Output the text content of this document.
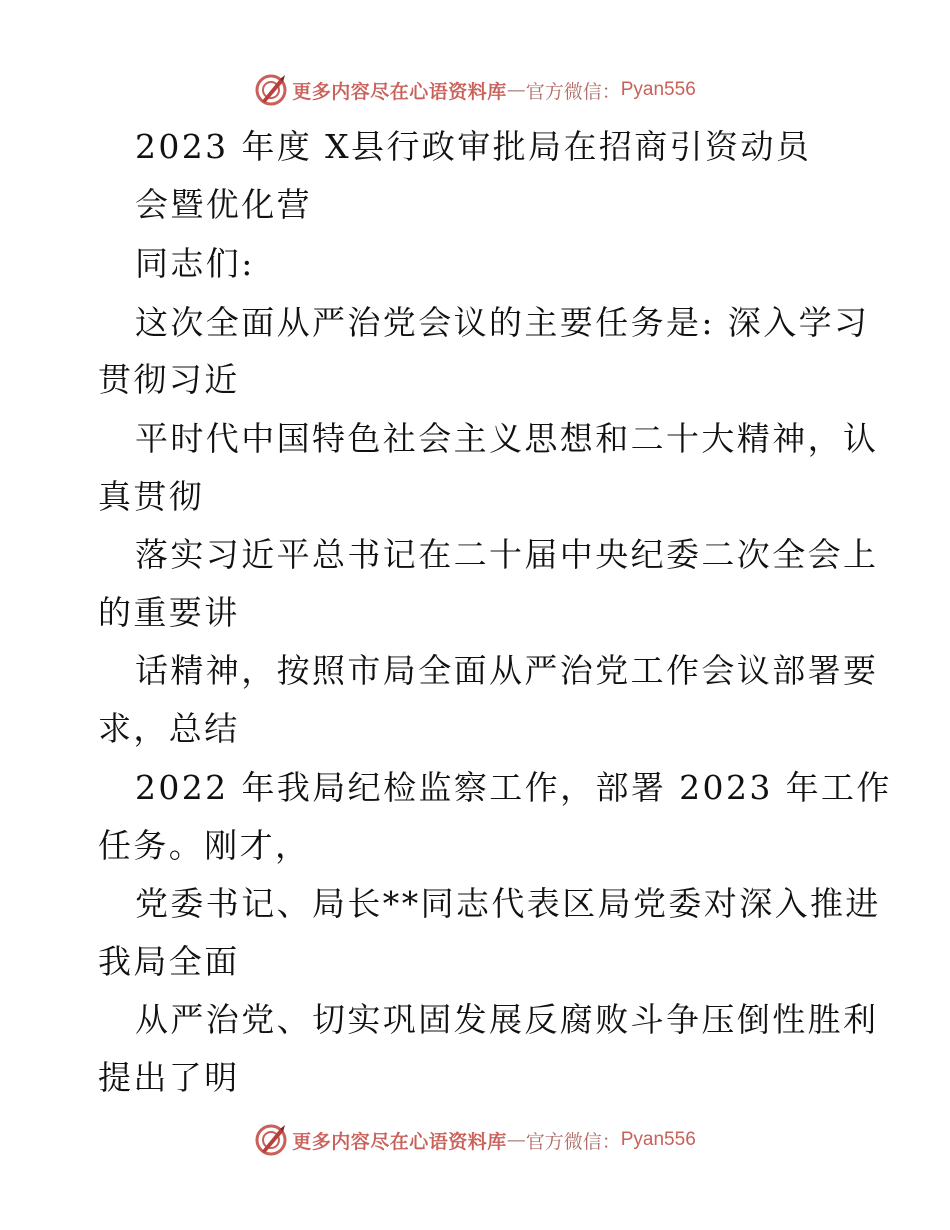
更多内容尽在心语资料库 — 官方微信： Pyan556
2023 年度 X县行政审批局在招商引资动员
会暨优化营
同志们:
这次全面从严治党会议的主要任务是: 深入学习
贯彻习近
平时代中国特色社会主义思想和二十大精神，认
真贯彻
落实习近平总书记在二十届中央纪委二次全会上
的重要讲
话精神，按照市局全面从严治党工作会议部署要
求，总结
2022 年我局纪检监察工作，部署 2023 年工作
任务。刚才，
党委书记、局长**同志代表区局党委对深入推进
我局全面
从严治党、切实巩固发展反腐败斗争压倒性胜利
提出了明
更多内容尽在心语资料库 — 官方微信： Pyan556
